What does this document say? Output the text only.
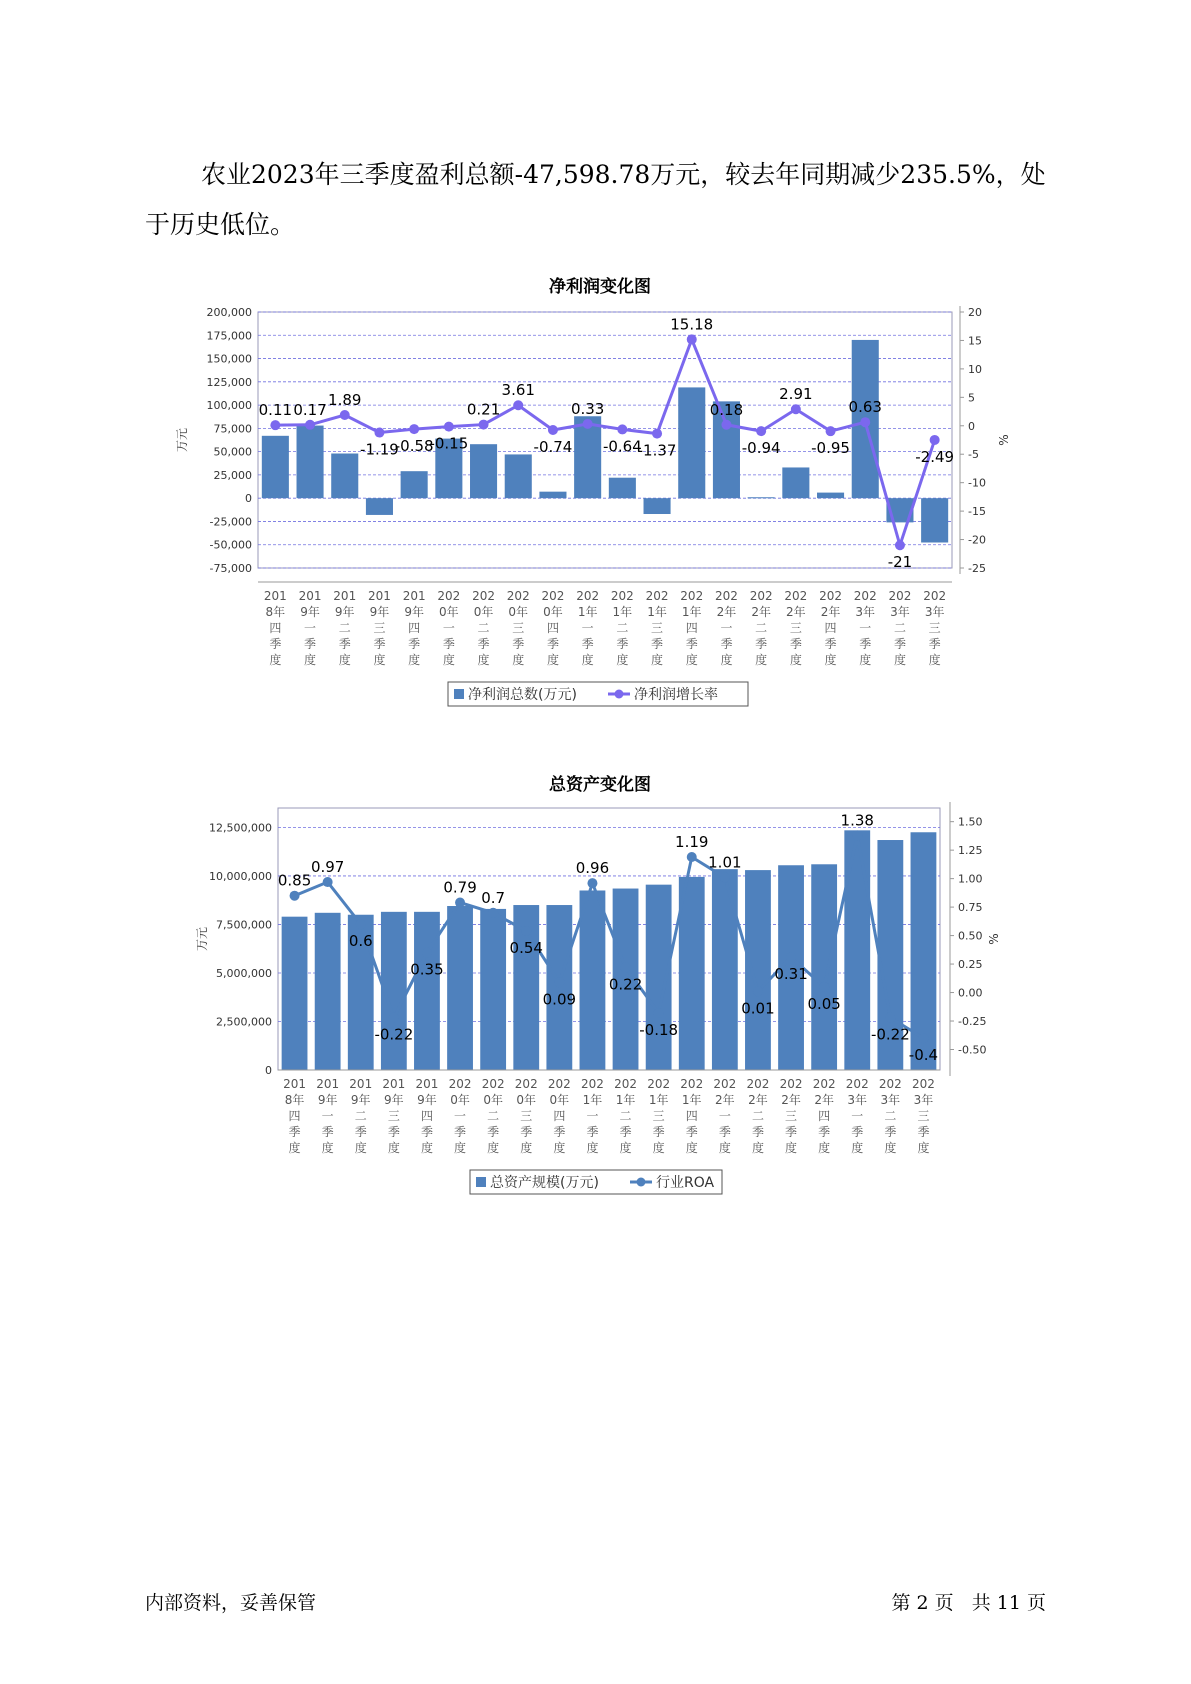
农业2023年三季度盈利总额-47,598.78万元，较去年同期减少235.5%，处于历史低位。

净利润变化图
200,000
175,000
150,000
125,000
100,000
75,000
50,000
25,000
0
-25,000
-50,000
-75,000
20
15
10
5
0
-5
-10
-15
-20
-25
万元	%
0.11 0.17
1.89
-1.19
-0.58
-0.15
0.21
3.61
-0.74
0.33
-0.64
-1.37
15.18
0.18
-0.94
2.91
-0.95
0.63
-21
-2.49
201
8年
四
季
度
201
9年
一
季
度
201
9年
二
季
度
201
9年
三
季
度
201
9年
四
季
度
202
0年
一
季
度
202
0年
二
季
度
202
0年
三
季
度
202
0年
四
季
度
202
1年
一
季
度
202
1年
二
季
度
202
1年
三
季
度
202
1年
四
季
度
202
2年
一
季
度
202
2年
二
季
度
202
2年
三
季
度
202
2年
四
季
度
202
3年
一
季
度
202
3年
二
季
度
202
3年
三
季
度
净利润总数(万元)	净利润增长率
总资产变化图
12,500,000
10,000,000
7,500,000
5,000,000
2,500,000
0
1.50
1.25
1.00
0.75
0.50
0.25
0.00
-0.25
-0.50
万元	%
0.85
0.97
0.6
-0.22
0.35
0.79
0.7
0.54
0.09
0.96
0.22
-0.18
1.19
1.01
0.01
0.31
0.05
1.38
-0.22
-0.4
201
8年
四
季
度
201
9年
一
季
度
201
9年
二
季
度
201
9年
三
季
度
201
9年
四
季
度
202
0年
一
季
度
202
0年
二
季
度
202
0年
三
季
度
202
0年
四
季
度
202
1年
一
季
度
202
1年
二
季
度
202
1年
三
季
度
202
1年
四
季
度
202
2年
一
季
度
202
2年
二
季
度
202
2年
三
季
度
202
2年
四
季
度
202
3年
一
季
度
202
3年
二
季
度
202
3年
三
季
度
总资产规模(万元)	行业ROA
内部资料，妥善保管	第 2 页   共 11 页
